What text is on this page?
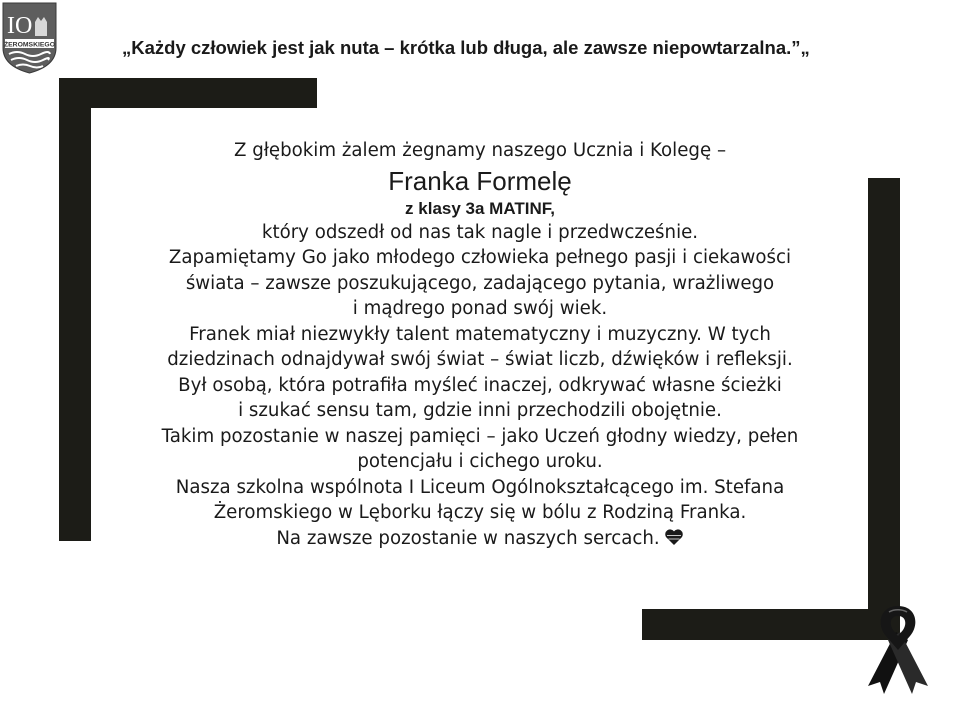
I O
ŻEROMSKIEGO	„Każdy człowiek jest jak nuta – krótka lub długa, ale zawsze niepowtarzalna.”„

Z głębokim żalem żegnamy naszego Ucznia i Kolegę –

Franka Formelę

z klasy 3a MATINF,

który odszedł od nas tak nagle i przedwcześnie.

Zapamiętamy Go jako młodego człowieka pełnego pasji i ciekawości

świata – zawsze poszukującego, zadającego pytania, wrażliwego

i mądrego ponad swój wiek.

Franek miał niezwykły talent matematyczny i muzyczny. W tych

dziedzinach odnajdywał swój świat – świat liczb, dźwięków i refleksji.

Był osobą, która potrafiła myśleć inaczej, odkrywać własne ścieżki

i szukać sensu tam, gdzie inni przechodzili obojętnie.

Takim pozostanie w naszej pamięci – jako Uczeń głodny wiedzy, pełen

potencjału i cichego uroku.

Nasza szkolna wspólnota I Liceum Ogólnokształcącego im. Stefana

Żeromskiego w Lęborku łączy się w bólu z Rodziną Franka.

Na zawsze pozostanie w naszych sercach.
